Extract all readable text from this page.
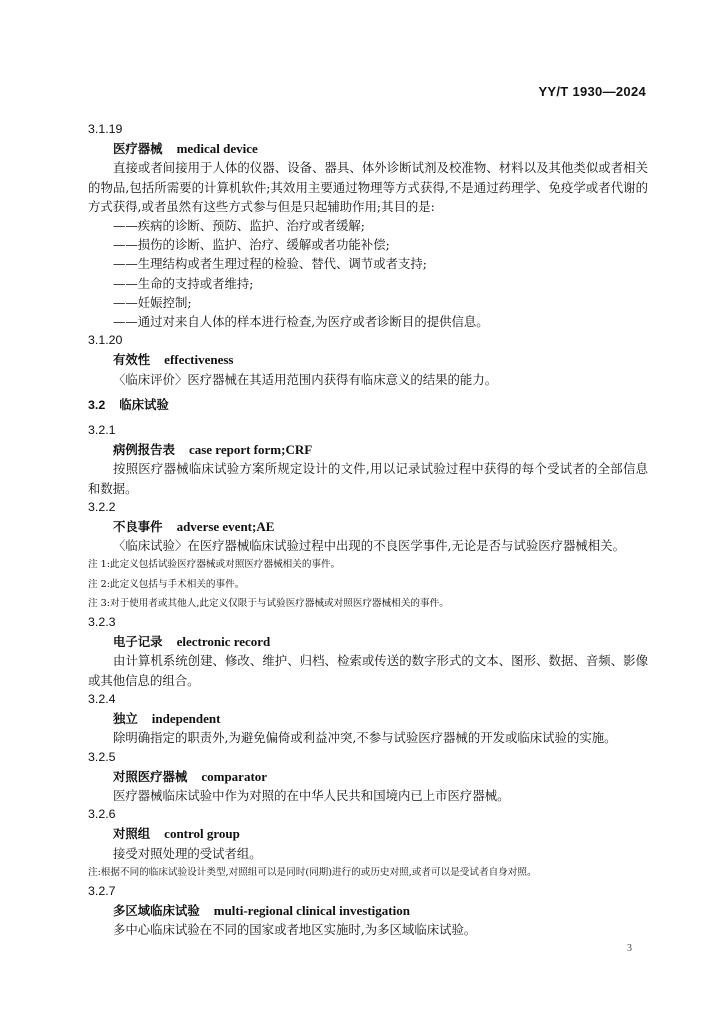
YY/T 1930—2024
3.1.19
医疗器械 medical device
直接或者间接用于人体的仪器、设备、器具、体外诊断试剂及校准物、材料以及其他类似或者相关的物品,包括所需要的计算机软件;其效用主要通过物理等方式获得,不是通过药理学、免疫学或者代谢的方式获得,或者虽然有这些方式参与但是只起辅助作用;其目的是:
——疾病的诊断、预防、监护、治疗或者缓解;
——损伤的诊断、监护、治疗、缓解或者功能补偿;
——生理结构或者生理过程的检验、替代、调节或者支持;
——生命的支持或者维持;
——妊娠控制;
——通过对来自人体的样本进行检查,为医疗或者诊断目的提供信息。
3.1.20
有效性 effectiveness
〈临床评价〉医疗器械在其适用范围内获得有临床意义的结果的能力。
3.2 临床试验
3.2.1
病例报告表 case report form;CRF
按照医疗器械临床试验方案所规定设计的文件,用以记录试验过程中获得的每个受试者的全部信息和数据。
3.2.2
不良事件 adverse event;AE
〈临床试验〉在医疗器械临床试验过程中出现的不良医学事件,无论是否与试验医疗器械相关。
注 1:此定义包括试验医疗器械或对照医疗器械相关的事件。
注 2:此定义包括与手术相关的事件。
注 3:对于使用者或其他人,此定义仅限于与试验医疗器械或对照医疗器械相关的事件。
3.2.3
电子记录 electronic record
由计算机系统创建、修改、维护、归档、检索或传送的数字形式的文本、图形、数据、音频、影像或其他信息的组合。
3.2.4
独立 independent
除明确指定的职责外,为避免偏倚或利益冲突,不参与试验医疗器械的开发或临床试验的实施。
3.2.5
对照医疗器械 comparator
医疗器械临床试验中作为对照的在中华人民共和国境内已上市医疗器械。
3.2.6
对照组 control group
接受对照处理的受试者组。
注:根据不同的临床试验设计类型,对照组可以是同时(同期)进行的或历史对照,或者可以是受试者自身对照。
3.2.7
多区域临床试验 multi-regional clinical investigation
多中心临床试验在不同的国家或者地区实施时,为多区域临床试验。
3
